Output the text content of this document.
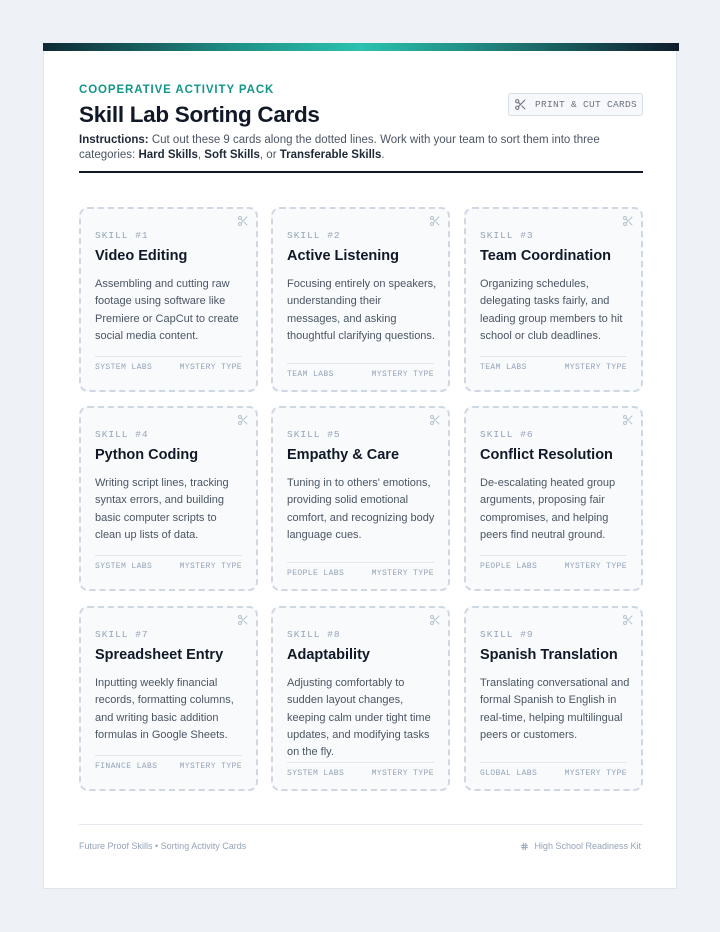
COOPERATIVE ACTIVITY PACK
Skill Lab Sorting Cards	PRINT & CUT CARDS
Instructions: Cut out these 9 cards along the dotted lines. Work with your team to sort them into three categories: Hard Skills, Soft Skills, or Transferable Skills.
SKILL #1
Video Editing
Assembling and cutting raw footage using software like Premiere or CapCut to create social media content.
SYSTEM LABS	MYSTERY TYPE
SKILL #2
Active Listening
Focusing entirely on speakers, understanding their messages, and asking thoughtful clarifying questions.
TEAM LABS	MYSTERY TYPE
SKILL #3
Team Coordination
Organizing schedules, delegating tasks fairly, and leading group members to hit school or club deadlines.
TEAM LABS	MYSTERY TYPE
SKILL #4
Python Coding
Writing script lines, tracking syntax errors, and building basic computer scripts to clean up lists of data.
SYSTEM LABS	MYSTERY TYPE
SKILL #5
Empathy & Care
Tuning in to others' emotions, providing solid emotional comfort, and recognizing body language cues.
PEOPLE LABS	MYSTERY TYPE
SKILL #6
Conflict Resolution
De-escalating heated group arguments, proposing fair compromises, and helping peers find neutral ground.
PEOPLE LABS	MYSTERY TYPE
SKILL #7
Spreadsheet Entry
Inputting weekly financial records, formatting columns, and writing basic addition formulas in Google Sheets.
FINANCE LABS	MYSTERY TYPE
SKILL #8
Adaptability
Adjusting comfortably to sudden layout changes, keeping calm under tight time updates, and modifying tasks on the fly.
SYSTEM LABS	MYSTERY TYPE
SKILL #9
Spanish Translation
Translating conversational and formal Spanish to English in real-time, helping multilingual peers or customers.
GLOBAL LABS	MYSTERY TYPE
Future Proof Skills • Sorting Activity Cards	High School Readiness Kit
